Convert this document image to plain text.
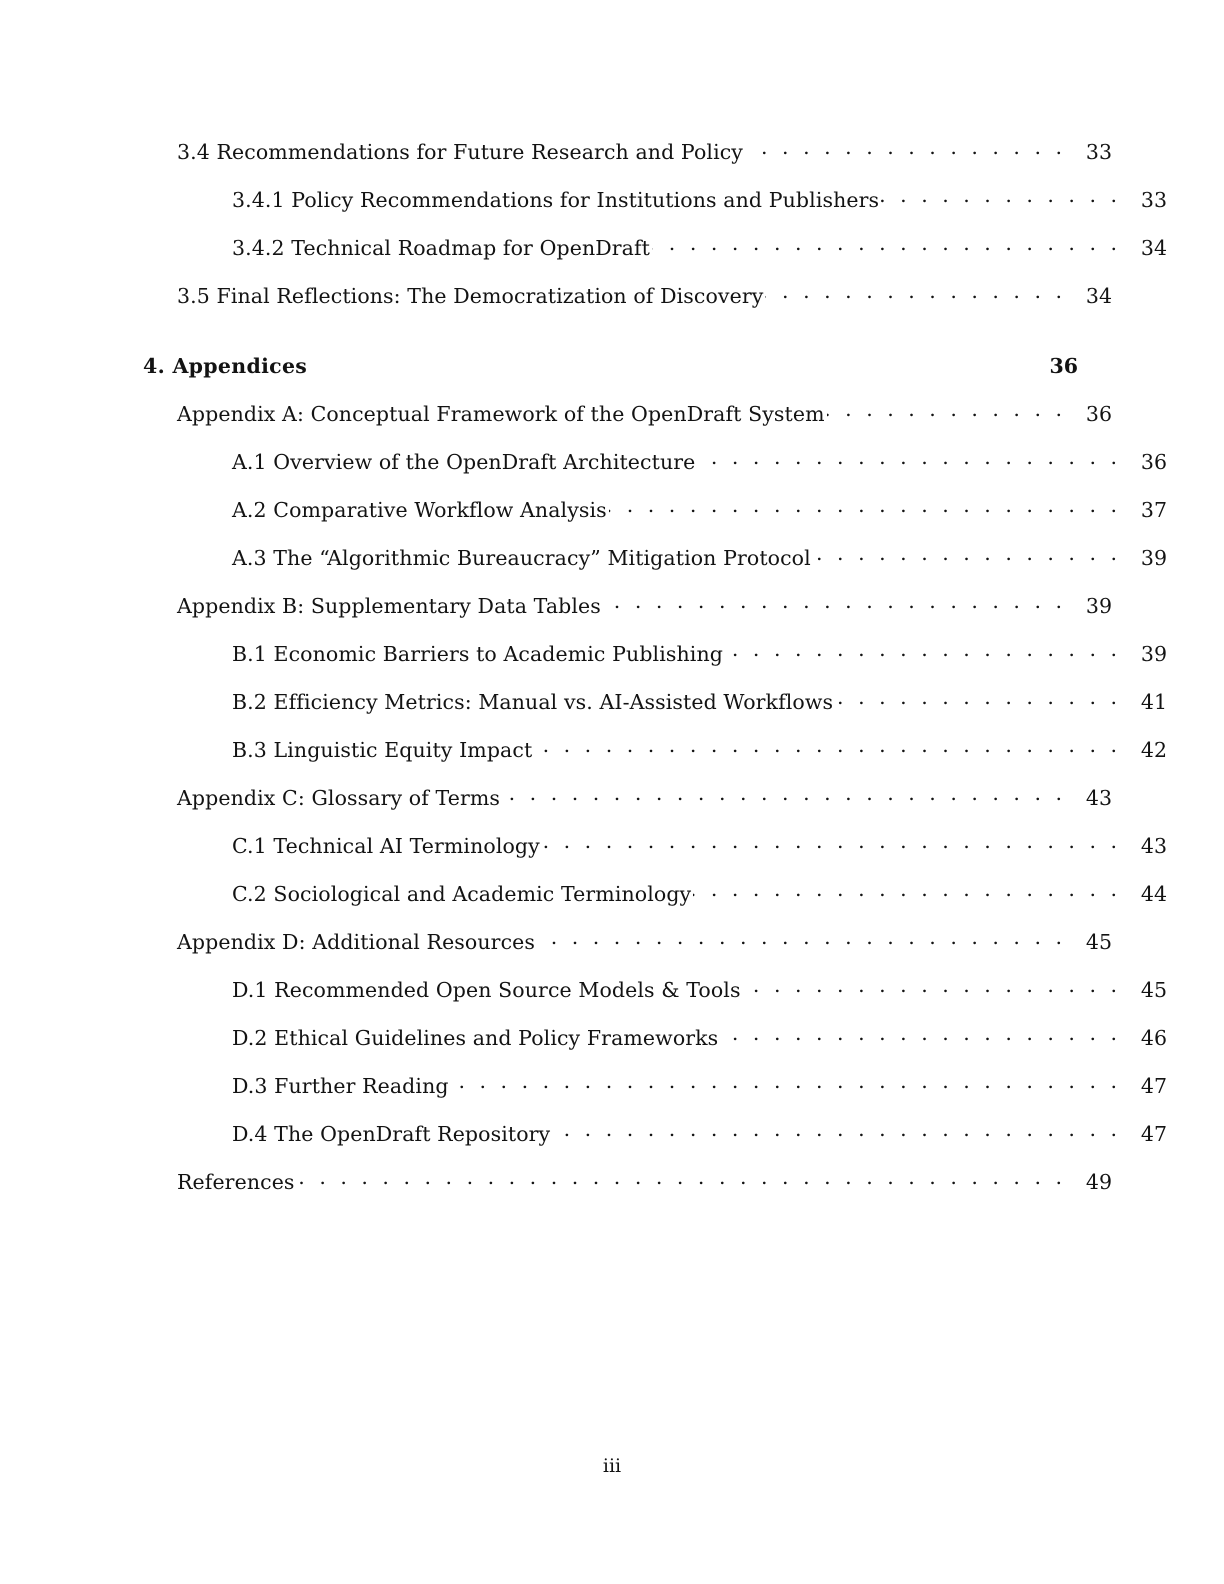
3.4 Recommendations for Future Research and Policy . . .	33
3.4.1 Policy Recommendations for Institutions and Publishers . . .	33
3.4.2 Technical Roadmap for OpenDraft . . .	34
3.5 Final Reflections: The Democratization of Discovery . . .	34
4. Appendices	36
Appendix A: Conceptual Framework of the OpenDraft System . . .	36
A.1 Overview of the OpenDraft Architecture . . .	36
A.2 Comparative Workflow Analysis . . .	37
A.3 The “Algorithmic Bureaucracy” Mitigation Protocol . . .	39
Appendix B: Supplementary Data Tables . . .	39
B.1 Economic Barriers to Academic Publishing . . .	39
B.2 Efficiency Metrics: Manual vs. AI-Assisted Workflows . . .	41
B.3 Linguistic Equity Impact . . .	42
Appendix C: Glossary of Terms . . .	43
C.1 Technical AI Terminology . . .	43
C.2 Sociological and Academic Terminology . . .	44
Appendix D: Additional Resources . . .	45
D.1 Recommended Open Source Models & Tools . . .	45
D.2 Ethical Guidelines and Policy Frameworks . . .	46
D.3 Further Reading . . .	47
D.4 The OpenDraft Repository . . .	47
References . . .	49
iii
